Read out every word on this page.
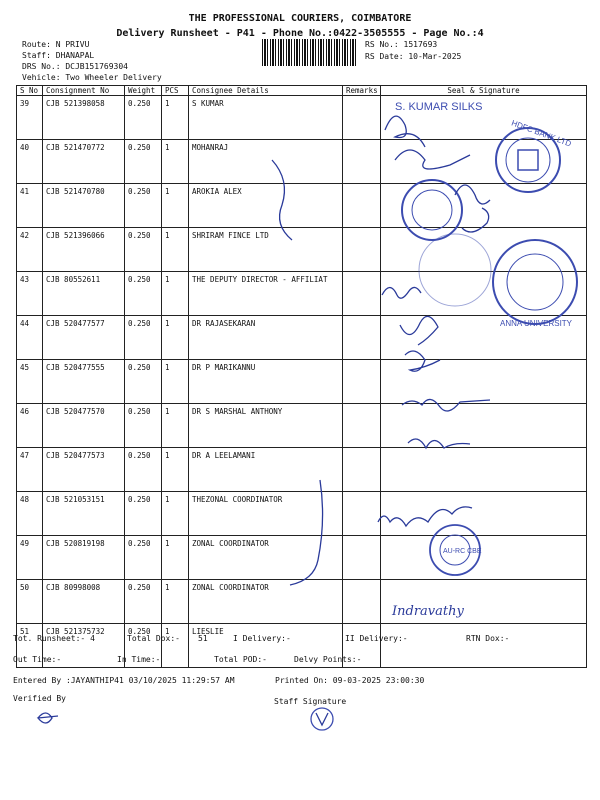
THE PROFESSIONAL COURIERS, COIMBATORE
Delivery Runsheet - P41 - Phone No.:0422-3505555 - Page No.:4
Route: N PRIVU
Staff: DHANAPAL
DRS No.: DCJB151769304
Vehicle: Two Wheeler Delivery
RS No.: 1517693
RS Date: 10-Mar-2025
S No	Consignment No	Weight	PCS	Consignee Details	Remarks	Seal & Signature
39	CJB 521398058	0.250	1	S KUMAR		
40	CJB 521470772	0.250	1	MOHANRAJ		
41	CJB 521470780	0.250	1	AROKIA ALEX		
42	CJB 521396066	0.250	1	SHRIRAM FINCE LTD		
43	CJB 80552611	0.250	1	THE DEPUTY DIRECTOR - AFFILIAT		
44	CJB 520477577	0.250	1	DR RAJASEKARAN		
45	CJB 520477555	0.250	1	DR P MARIKANNU		
46	CJB 520477570	0.250	1	DR S MARSHAL ANTHONY		
47	CJB 520477573	0.250	1	DR A LEELAMANI		
48	CJB 521053151	0.250	1	THEZONAL COORDINATOR		
49	CJB 520819198	0.250	1	ZONAL COORDINATOR		
50	CJB 80998008	0.250	1	ZONAL COORDINATOR		
51	CJB 521375732	0.250	1	LIESLIE		
S. KUMAR SILKS
HDFC BANK LTD
ANNA UNIVERSITY
AU-RC CBE
Indravathy
Tot. Runsheet:- 4	Total Dox:- 51	I Delivery:-	II Delivery:-	RTN Dox:-
Out Time:-	In Time:-	Total POD:-	Delvy Points:-
Entered By :JAYANTHIP41 03/10/2025 11:29:57 AM	Printed On: 09-03-2025 23:00:30
Verified By	Staff Signature
